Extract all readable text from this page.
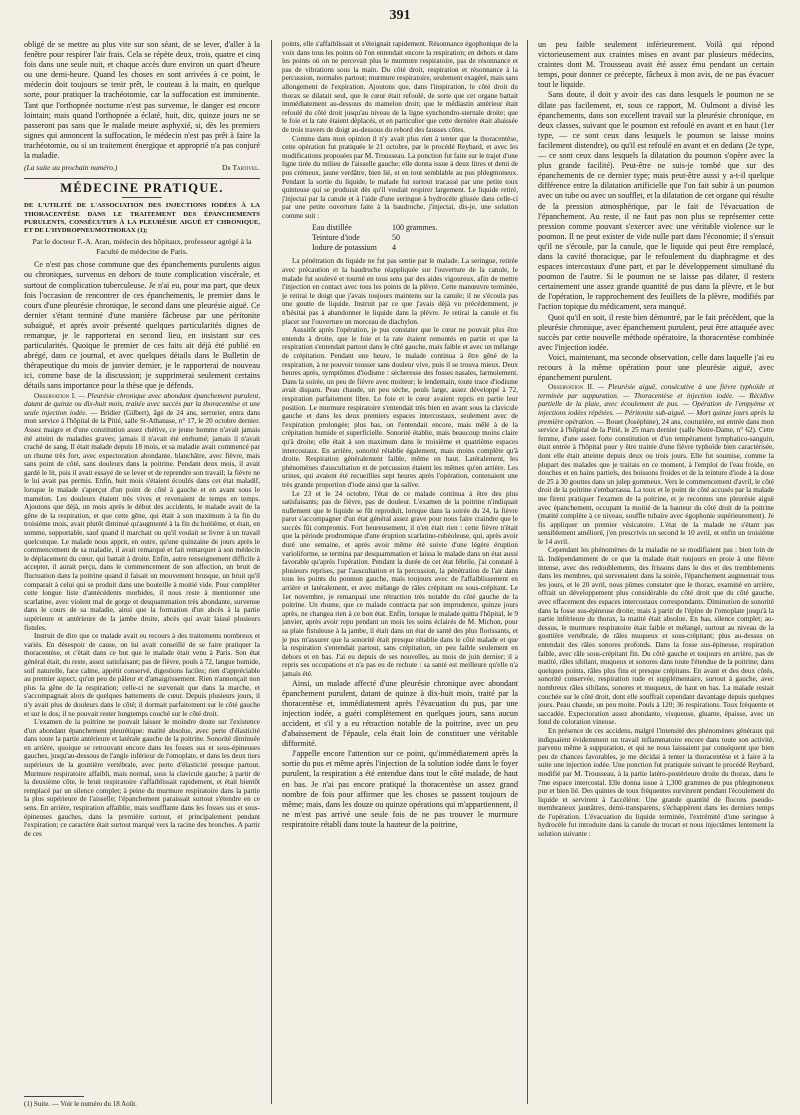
391

obligé de se mettre au plus vite sur son séant, de se lever, d'aller à la fenêtre pour respirer l'air frais. Cela se répète deux, trois, quatre et cinq fois dans une seule nuit, et chaque accès dure environ un quart d'heure ou une demi-heure. Quand les choses en sont arrivées à ce point, le médecin doit toujours se tenir prêt, le couteau à la main, en quelque sorte, pour pratiquer la trachéotomie, car la suffocation est imminente. Tant que l'orthopnée nocturne n'est pas survenue, le danger est encore lointain; mais quand l'orthopnée a éclaté, huit, dix, quinze jours ne se passeront pas sans que le malade meure asphyxié, si, dès les premiers signes qui annoncent la suffocation, le médecin n'est pas prêt à faire la trachéotomie, ou si un traitement énergique et approprié n'a pas conjuré la maladie.

(La suite au prochain numéro.)	Dr Tartivel.
MÉDECINE PRATIQUE.
DE L'UTILITÉ DE L'ASSOCIATION DES INJECTIONS IODÉES À LA THORACENTÈSE DANS LE TRAITEMENT DES ÉPANCHEMENTS PURULENTS, CONSÉCUTIFS À LA PLEURÉSIE AIGUË ET CHRONIQUE, ET DE L'HYDROPNEUMOTHORAX (1);
Par le docteur F.-A. Aran, médecin des hôpitaux, professeur agrégé à la Faculté de médecine de Paris.

Ce n'est pas chose commune que des épanchements purulents aigus ou chroniques, survenus en dehors de toute complication viscérale, et surtout de complication tuberculeuse. Je n'ai eu, pour ma part, que deux fois l'occasion de rencontrer de ces épanchements, le premier dans le cours d'une pleurésie chronique, le second dans une pleurésie aiguë. Ce dernier s'étant terminé d'une manière fâcheuse par une péritonite subaiguë, et après avoir présenté quelques particularités dignes de remarque, je le rapporterai en second lieu, en insistant sur ces particularités. Quoique le premier de ces faits ait déjà été publié en abrégé, dans ce journal, et avec quelques détails dans le Bulletin de thérapeutique du mois de janvier dernier, je le rapporterai de nouveau ici, comme base de la discussion; je supprimerai seulement certains détails sans importance pour la thèse que je défends.

Observation I. — Pleurésie chronique avec abondant épanchement purulent, datant de quinze ou dix-huit mois, traitée avec succès par la thoracentèse et une seule injection iodée. — Bridier (Gilbert), âgé de 24 ans, serrurier, entra dans mon service à l'hôpital de la Pitié, salle St-Athanase, n° 17, le 20 octobre dernier. Assez maigre et d'une constitution assez chétive, ce jeune homme n'avait jamais été atteint de maladies graves; jamais il n'avait été enrhumé; jamais il n'avait craché de sang. Il était malade depuis 18 mois, et sa maladie avait commencé par un rhume très fort, avec expectoration abondante, blanchâtre, avec fièvre, mais sans point de côté, sans douleurs dans la poitrine. Pendant deux mois, il avait gardé le lit, puis il avait essayé de se lever et de reprendre son travail; la fièvre ne le lui avait pas permis. Enfin, huit mois s'étaient écoulés dans cet état maladif, lorsque le malade s'aperçut d'un point de côté à gauche et en avant sous le mamelon. Les douleurs étaient très vives et revenaient de temps en temps. Ajoutons que déjà, un mois après le début des accidents, le malade avait de la gêne de la respiration, et que cette gêne, qui était à son maximum à la fin du troisième mois, avait plutôt diminué qu'augmenté à la fin du huitième, et était, en somme, supportable, sauf quand il marchait ou qu'il voulait se livrer à un travail quelconque. Le malade nous apprit, en outre, qu'une quinzaine de jours après le commencement de sa maladie, il avait remarqué et fait remarquer à son médecin le déplacement du cœur, qui battait à droite. Enfin, autre renseignement difficile à accepter, il aurait perçu, dans le commencement de son affection, un bruit de fluctuation dans la poitrine quand il faisait un mouvement brusque, un bruit qu'il comparait à celui qui se produit dans une bouteille à moitié vide. Pour compléter cette longue liste d'antécédents morbides, il nous reste à mentionner une scarlatine, avec violent mal de gorge et desquammation très abondante, survenue dans le cours de sa maladie, ainsi que la formation d'un abcès à la partie supérieure et antérieure de la jambe droite, abcès qui avait laissé plusieurs fistules.

Instruit de dire que ce malade avait eu recours à des traitements nombreux et variés. En désespoir de cause, on lui avait conseillé de se faire pratiquer la thoracentèse, et c'était dans ce but que le malade était venu à Paris. Son état général était, du reste, assez satisfaisant; pas de fièvre, pouls à 72, langue humide, soif naturelle, face calme, appétit conservé, digestions faciles; rien d'appréciable au premier aspect, qu'un peu de pâleur et d'amaigrissement. Rien n'annonçait non plus la gêne de la respiration; celle-ci ne survenait que dans la marche, et s'accompagnait alors de quelques battements de cœur. Depuis plusieurs jours, il n'y avait plus de douleurs dans le côté; il dormait parfaitement sur le côté gauche et sur le dos; il ne pouvait rester longtemps couché sur le côté droit.

L'examen de la poitrine ne pouvait laisser le moindre doute sur l'existence d'un abondant épanchement pleurétique: matité absolue, avec perte d'élasticité dans toute la partie antérieure et latérale gauche de la poitrine. Sonorité diminuée en arrière, quoique se retrouvant encore dans les fosses sus et sous-épineuses gauches, jusqu'au-dessous de l'angle inférieur de l'omoplate, et dans les deux tiers supérieurs de la gouttière vertébrale, avec perte d'élasticité presque partout. Murmure respiratoire affaibli, mais normal, sous la clavicule gauche; à partir de la deuxième côte, le bruit respiratoire s'affaiblissait rapidement, et était bientôt remplacé par un silence complet; à peine du murmure respiratoire dans la partie la plus supérieure de l'aisselle; l'épanchement paraissait surtout s'étendre en ce sens. En arrière, respiration affaiblie, mais soufflante dans les fosses sus et sous-épineuses gauches, dans la première surtout, et principalement pendant l'expiration; ce caractère était surtout marqué vers la racine des bronches. A partir de ces

(1) Suite. — Voir le numéro du 18 Août.

points, elle s'affaiblissait et s'éteignait rapidement. Résonnance égophonique de la voix dans tous les points où l'on entendait encore la respiration; en dehors et dans les points où on ne percevait plus le murmure respiratoire, pas de résonnance et pas de vibrations sous la main. Du côté droit, respiration et résonnance à la percussion, normales partout; murmure respiratoire, seulement exagéré, mais sans allongement de l'expiration. Ajoutons que, dans l'inspiration, le côté droit du thorax se dilatait seul, que le cœur était refoulé, de sorte que cet organe battait immédiatement au-dessous du mamelon droit; que le médiastin antérieur était refoulé du côté droit jusqu'au niveau de la ligne synchondro-sternale droite; que le foie et la rate étaient déplacés, et en particulier que cette dernière était abaissée de trois travers de doigt au-dessous du rebord des fausses côtes.

Comme dans mon opinion il n'y avait plus rien à tenter que la thoracentèse, cette opération fut pratiquée le 21 octobre, par le procédé Reybard, et avec les modifications proposées par M. Trousseau. La ponction fut faite sur le trajet d'une ligne tirée du milieu de l'aisselle gauche; elle donna issue à deux litres et demi de pus crémeux, jaune verdâtre, bien lié, et en tout semblable au pus phlegmoneux. Pendant la sortie du liquide, le malade fut surtout tracassé par une petite toux quinteuse qui se produisit dès qu'il voulait respirer largement. Le liquide retiré, j'injectai par la canule et à l'aide d'une seringue à hydrocèle glissée dans celle-ci par une petite ouverture faite à la baudruche, j'injectai, dis-je, une solution comme suit :

Eau distillée	100 grammes.
Teinture d'iode	50
Iodure de potassium	4

La pénétration du liquide ne fut pas sentie par le malade. La seringue, retirée avec précaution et la baudruche réappliquée sur l'ouverture de la canule, le malade fut soulevé et tourné en tous sens par des aides vigoureux, afin de mettre l'injection en contact avec tous les points de la plèvre. Cette manœuvre terminée, je retirai le doigt que j'avais toujours maintenu sur la canule; il ne s'écoula pas une goutte de liquide. Instruit par ce que j'avais déjà vu précédemment, je n'hésitai pas à abandonner le liquide dans la plèvre. Je retirai la canule et fis placer sur l'ouverture un morceau de diachylon.

Aussitôt après l'opération, je pus constater que le cœur ne pouvait plus être entendu à droite, que le foie et la rate étaient remontés en partie et que la respiration s'entendait partout dans le côté gauche, mais faible et avec un mélange de crépitation. Pendant une heure, le malade continua à être gêné de la respiration, à ne pouvoir tousser sans douleur vive, puis il se trouva mieux. Deux heures après, symptômes d'iodisme : sécheresse des fosses nasales, larmoiement. Dans la soirée, un peu de fièvre avec moiteur; le lendemain, toute trace d'iodisme avait disparu. Peau chaude, un peu sèche, pouls large, assez développé à 72, respiration parfaitement libre. Le foie et le cœur avaient repris en partie leur position. Le murmure respiratoire s'entendait très bien en avant sous la clavicule gauche et dans les deux premiers espaces intercostaux, seulement avec de l'expiration prolongée; plus bas, on l'entendait encore, mais mêlé à de la crépitation humide et superficielle. Sonorité établie, mais beaucoup moins claire qu'à droite; elle était à son maximum dans le troisième et quatrième espaces intercostaux. En arrière, sonorité rétablie également, mais moins complète qu'à droite. Respiration généralement faible, même en haut. Latéralement, les phénomènes d'auscultation et de percussion étaient les mêmes qu'en arrière. Les urines, qui avaient été recueillies sept heures après l'opération, contenaient une très grande proportion d'iode ainsi que la salive.

Le 23 et le 24 octobre, l'état de ce malade continua à être des plus satisfaisants; pas de fièvre, pas de douleur. L'examen de la poitrine n'indiquait nullement que le liquide se fût reproduit, lorsque dans la soirée du 24, la fièvre parut s'accompagner d'un état général assez grave pour nous faire craindre que le succès fût compromis. Fort heureusement, il n'en était rien : cette fièvre n'était que la période prodromique d'une éruption scarlatino-rubéoleuse, qui, après avoir duré une semaine, et après avoir même été suivie d'une légère éruption varioliforme, se termina par desquammation et laissa le malade dans un état aussi favorable qu'après l'opération. Pendant la durée de cet état fébrile, j'ai constaté à plusieurs reprises, par l'auscultation et la percussion, la pénétration de l'air dans tous les points du poumon gauche, mais toujours avec de l'affaiblissement en arrière et latéralement, et avec mélange de râles crépitant ou sous-crépitant. Le 1er novembre, je remarquai une rétraction très notable du côté gauche de la poitrine. Un rhume, que ce malade contracta par son imprudence, quinze jours après, ne changea rien à ce bon état. Enfin, lorsque le malade quitta l'hôpital, le 9 janvier, après avoir repu pendant un mois les soins éclairés de M. Michon, pour sa plaie fistuleuse à la jambe, il était dans un état de santé des plus florissants, et je pus m'assurer que la sonorité était presque rétablie dans le côté malade et que la respiration s'entendait partout, sans crépitation, un peu faible seulement en dehors et en bas. J'ai eu depuis de ses nouvelles, au mois de juin dernier; il a repris ses occupations et n'a pas eu de rechute : sa santé est meilleure qu'elle n'a jamais été.

Ainsi, un malade affecté d'une pleurésie chronique avec abondant épanchement purulent, datant de quinze à dix-huit mois, traité par la thoracentèse et, immédiatement après l'évacuation du pus, par une injection iodée, a guéri complètement en quelques jours, sans aucun accident, et s'il y a eu rétraction notable de la poitrine, avec un peu d'abaissement de l'épaule, cela était loin de constituer une véritable difformité.

J'appelle encore l'attention sur ce point, qu'immédiatement après la sortie du pus et même après l'injection de la solution iodée dans le foyer purulent, la respiration a été entendue dans tout le côté malade, de haut en bas. Je n'ai pas encore pratiqué la thoracentèse un assez grand nombre de fois pour affirmer que les choses se passent toujours de même; mais, dans les douze ou quinze opérations qui m'appartiennent, il ne m'est pas arrivé une seule fois de ne pas trouver le murmure respiratoire rétabli dans toute la hauteur de la poitrine,

un peu faible seulement inférieurement. Voilà qui répond victorieusement aux craintes mises en avant par plusieurs médecins, craintes dont M. Trousseau avait été assez ému pendant un certain temps, pour donner ce précepte, fâcheux à mon avis, de ne pas évacuer tout le liquide.

Sans doute, il doit y avoir des cas dans lesquels le poumon ne se dilate pas facilement, et, sous ce rapport, M. Oulmont a divisé les épanchements, dans son excellent travail sur la pleurésie chronique, en deux classes, suivant que le poumon est refoulé en avant et en haut (1er type, — ce sont ceux dans lesquels le poumon se laisse moins facilement distendre), ou qu'il est refoulé en avant et en dedans (2e type, — ce sont ceux dans lesquels la dilatation du poumon s'opère avec la plus grande facilité). Peut-être ne suis-je tombé que sur des épanchements de ce dernier type; mais peut-être aussi y a-t-il quelque différence entre la dilatation artificielle que l'on fait subir à un poumon avec un tube ou avec un soufflet, et la dilatation de cet organe qui résulte de la pression atmosphérique, par le fait de l'évacuation de l'épanchement. Au reste, il ne faut pas non plus se représenter cette pression comme pouvant s'exercer avec une véritable violence sur le poumon. Il ne peut exister de vide nulle part dans l'économie; il s'ensuit qu'il ne s'écoule, par la canule, que le liquide qui peut être remplacé, dans la cavité thoracique, par le refoulement du diaphragme et des espaces intercostaux d'une part, et par le développement simultané du poumon de l'autre. Si le poumon ne se laisse pas dilater, il restera certainement une assez grande quantité de pus dans la plèvre, et le but de l'opération, le rapprochement des feuillets de la plèvre, modifiés par l'action topique du médicament, sera manqué.

Quoi qu'il en soit, il reste bien démontré, par le fait précédent, que la pleurésie chronique, avec épanchement purulent, peut être attaquée avec succès par cette nouvelle méthode opératoire, la thoracentèse combinée avec l'injection iodée.

Voici, maintenant, ma seconde observation, celle dans laquelle j'ai eu recours à la même opération pour une pleurésie aiguë, avec épanchement purulent.

Observation II. — Pleurésie aiguë, consécutive à une fièvre typhoïde et terminée par suppuration. — Thoracentèse et injection iodée. — Récidive partielle de la plaie, avec écoulement de pus. — Opération de l'empyème et injections iodées répétées. — Péritonite sub-aiguë. — Mort quinze jours après la première opération. — Bouet (Joséphine), 24 ans, couturière, est entrée dans mon service à l'hôpital de la Pitié, le 25 mars dernier (salle Notre-Dame, n° 62). Cette femme, d'une assez forte constitution et d'un tempérament lymphatico-sanguin, était entrée à l'hôpital pour y être traitée d'une fièvre typhoïde bien caractérisée, dont elle était atteinte depuis deux ou trois jours. Elle fut soumise, comme la plupart des malades que je traitais en ce moment, à l'emploi de l'eau froide, en douches et en bains partiels, des boissons froides et de la teinture d'iode à la dose de 25 à 30 gouttes dans un julep gommeux. Vers le commencement d'avril, le côté droit de la poitrine s'embarrassa. La toux et le point de côté accusés par la malade me firent pratiquer l'examen de la poitrine, et je reconnus une pleurésie aiguë avec épanchement, occupant la moitié de la hauteur du côté droit de la poitrine (matité complète à ce niveau, souffle tubaire avec égophonie supérieurement). Je fis appliquer un premier vésicatoire. L'état de la malade ne s'étant pas sensiblement amélioré, j'en prescrivis un second le 10 avril, et enfin un troisième le 14 avril.

Cependant les phénomènes de la maladie ne se modifiaient pas : bien loin de là. Indépendamment de ce que la malade était toujours en proie à une fièvre intense, avec des redoublements, des frissons dans le dos et des tremblements dans les membres, qui survenaient dans la soirée, l'épanchement augmentait tous les jours, et le 20 avril, nous pûmes constater que le thorax, examiné en arrière, offrait un développement plus considérable du côté droit que du côté gauche, avec effacement des espaces intercostaux correspondants. Diminution de sonorité dans la fosse sus-épineuse droite; mais à partir de l'épine de l'omoplate jusqu'à la partie inférieure du thorax, la matité était absolue. En bas, silence complet; au-dessus, le murmure respiratoire était faible et mélangé, surtout au niveau de la gouttière vertébrale, de râles muqueux et sous-crépitant; plus au-dessus on entendait des râles sonores profonds. Dans la fosse sus-épineuse, respiration faible, avec râle sous-crépitant fin. Du côté gauche et toujours en arrière, pas de matité, râles sibilant, muqueux et sonores dans toute l'étendue de la poitrine; dans quelques points, râles plus fins et presque crépitans. En avant et des deux côtés, sonorité conservée, respiration rude et supplémentaire, surtout à gauche, avec nombreux râles sibilans, sonores et muqueux, de haut en bas. La malade restait couchée sur le côté droit, dont elle souffrait cependant davantage depuis quelques jours. Peau chaude, un peu moite. Pouls à 120; 36 respirations. Toux fréquente et saccadée. Expectoration assez abondante, visqueuse, gluante, épaisse, avec un fond de coloration vineuse.

En présence de ces accidens, malgré l'intensité des phénomènes généraux qui indiquaient évidemment un travail inflammatoire encore dans toute son activité, parvenu même à suppuration, et qui ne nous laissaient par conséquent que bien peu de chances favorables, je me décidai à tenter la thoracentèse et à faire à la suite une injection iodée. Une ponction fut pratiquée suivant le procédé Reybard, modifié par M. Trousseau, à la partie latéro-postérieure droite du thorax, dans le 7me espace intercostal. Elle donna issue à 1,300 grammes de pus phlegmoneux pur et bien lié. Des quintes de toux fréquentes survinrent pendant l'écoulement du liquide et servirent à l'accélérer. Une grande quantité de flocons pseudo-membraneux jaunâtres, demi-transparens, s'échappèrent dans les derniers temps de l'opération. L'évacuation du liquide terminée, l'extrémité d'une seringue à hydrocèle fut introduite dans la canule du trocart et nous injectâmes lentement la solution suivante :
